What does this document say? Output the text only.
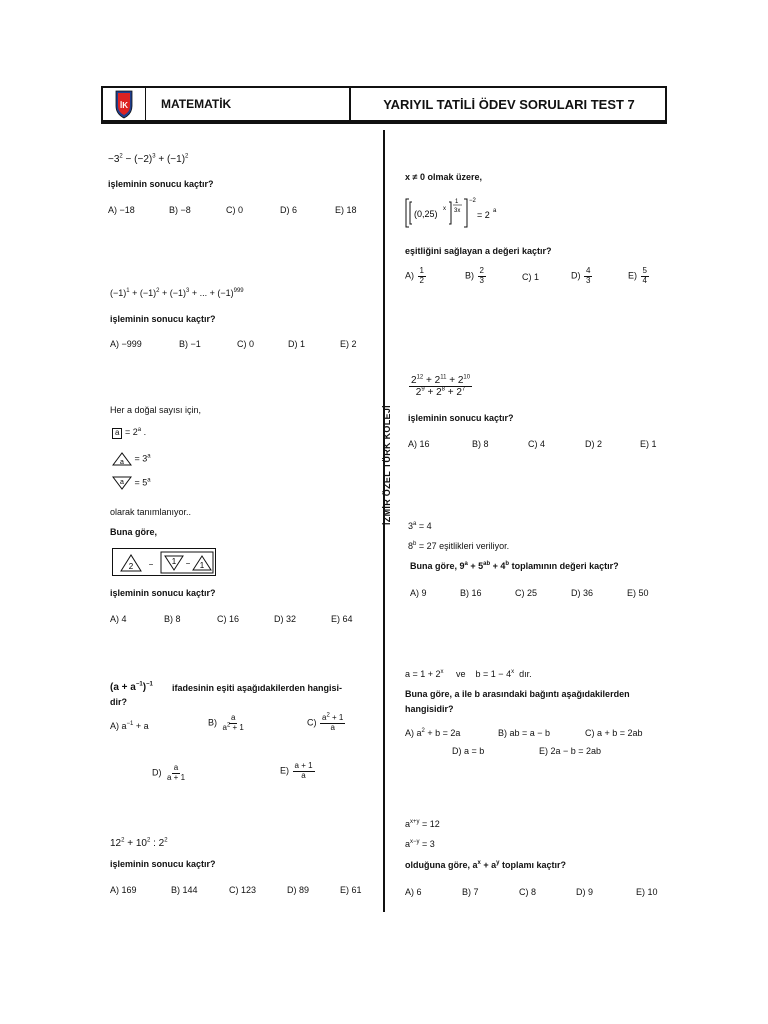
İK	MATEMATİK	YARIYIL TATİLİ ÖDEV SORULARI TEST 7
İZMİR ÖZEL TÜRK KOLEJİ
$-3^2 - (-2)^3 + (-1)^2$
işleminin sonucu kaçtır?
A) −18	B) −8	C) 0	D) 6	E) 18
$(-1)^1 + (-1)^2 + (-1)^3$ + ... + $(-1)^{999}$
işleminin sonucu kaçtır?
A) −999	B) −1	C) 0	D) 1	E) 2
Her a doğal sayısı için,
$a = 2^a$ .
$a = 3^a$
$a = 5^a$
olarak tanımlanıyor..
Buna göre,
2 − 1 − 1
işleminin sonucu kaçtır?
A) 4	B) 8	C) 16	D) 32	E) 64
$(a + a^{-1})^{-1}$ ifadesinin eşiti aşağıdakilerden hangisi-
dir?
A) $a^{-1} + a$	$B) \frac{a}{a^2 + 1}$	$C) \frac{a^2 + 1}{a}$
$D) \frac{a}{a + 1}$	$E) \frac{a + 1}{a}$
$12^2 + 10^2$ : $2^2$
işleminin sonucu kaçtır?
A) 169	B) 144	C) 123	D) 89	E) 61
x ≠ 0 olmak üzere,
(0,25) x
1
3x
−2
= 2 a
eşitliğini sağlayan a değeri kaçtır?
$A) \frac{1}{2}$	$B) \frac{2}{3}$	C) 1	$D) \frac{4}{3}$	$E) \frac{5}{4}$
$\frac{2^{12} + 2^{11} + 2^{10}}{2^9 + 2^8 + 2^7}$
işleminin sonucu kaçtır?
A) 16	B) 8	C) 4	D) 2	E) 1
$3^a = 4$
$8^b = 27$ eşitlikleri veriliyor.
Buna göre, $9^a + 5^{ab} + 4^b$ toplamının değeri kaçtır?
A) 9	B) 16	C) 25	D) 36	E) 50
$a = 1 + 2^x$     ve    $b = 1 - 4^x$ dır.
Buna göre, a ile b arasındaki bağıntı aşağıdakilerden
hangisidir?
A) $a^2 + b = 2a$	B) ab = a − b	C) a + b = 2ab
D) a = b	E) 2a − b = 2ab
$a^{x+y} = 12$
$a^{x-y} = 3$
olduğuna göre, $a^x + a^y$ toplamı kaçtır?
A) 6	B) 7	C) 8	D) 9	E) 10
